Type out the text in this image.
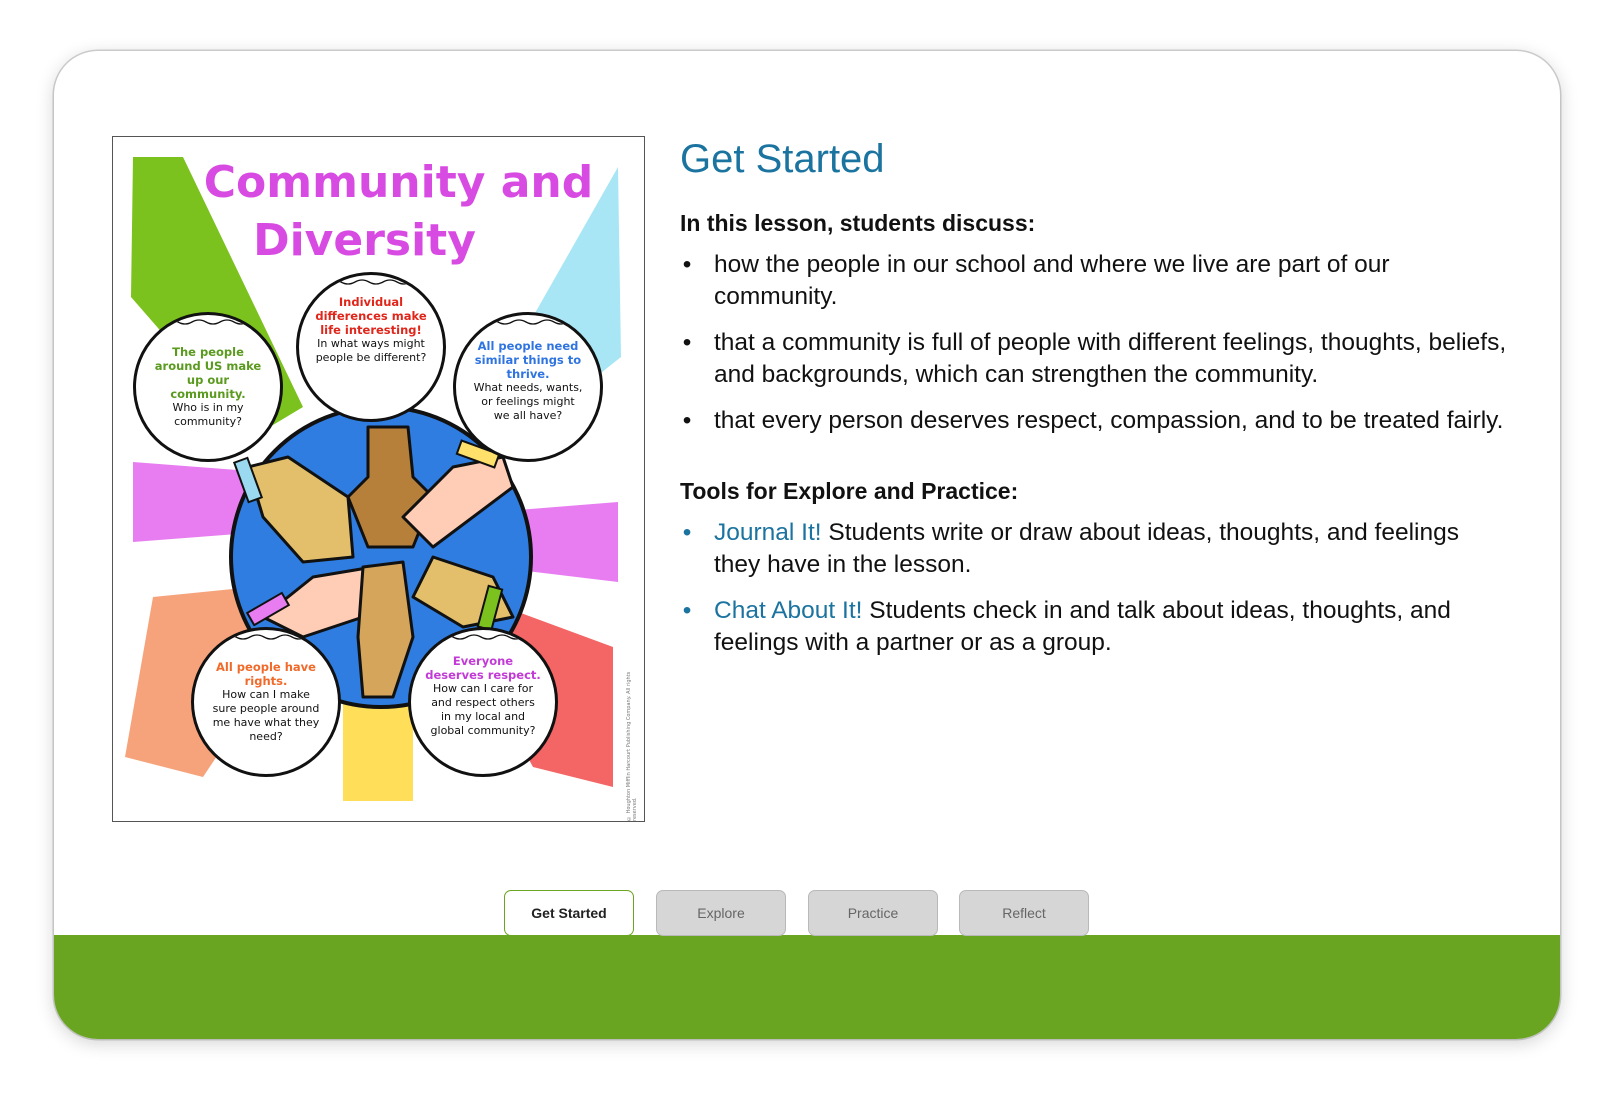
Community and
Diversity
The people around US make up our community.
Who is in my community?
Individual differences make life interesting!
In what ways might people be different?
All people need similar things to thrive.
What needs, wants, or feelings might we all have?
All people have rights.
How can I make sure people around me have what they need?
Everyone deserves respect.
How can I care for and respect others in my local and global community?	© Houghton Mifflin Harcourt Publishing Company. All rights reserved.
Get Started
In this lesson, students discuss:
• how the people in our school and where we live are part of our community.
• that a community is full of people with different feelings, thoughts, beliefs, and backgrounds, which can strengthen the community.
• that every person deserves respect, compassion, and to be treated fairly.
Tools for Explore and Practice:
• Journal It! Students write or draw about ideas, thoughts, and feelings they have in the lesson.
• Chat About It! Students check in and talk about ideas, thoughts, and feelings with a partner or as a group.
Get Started	Explore	Practice	Reflect
